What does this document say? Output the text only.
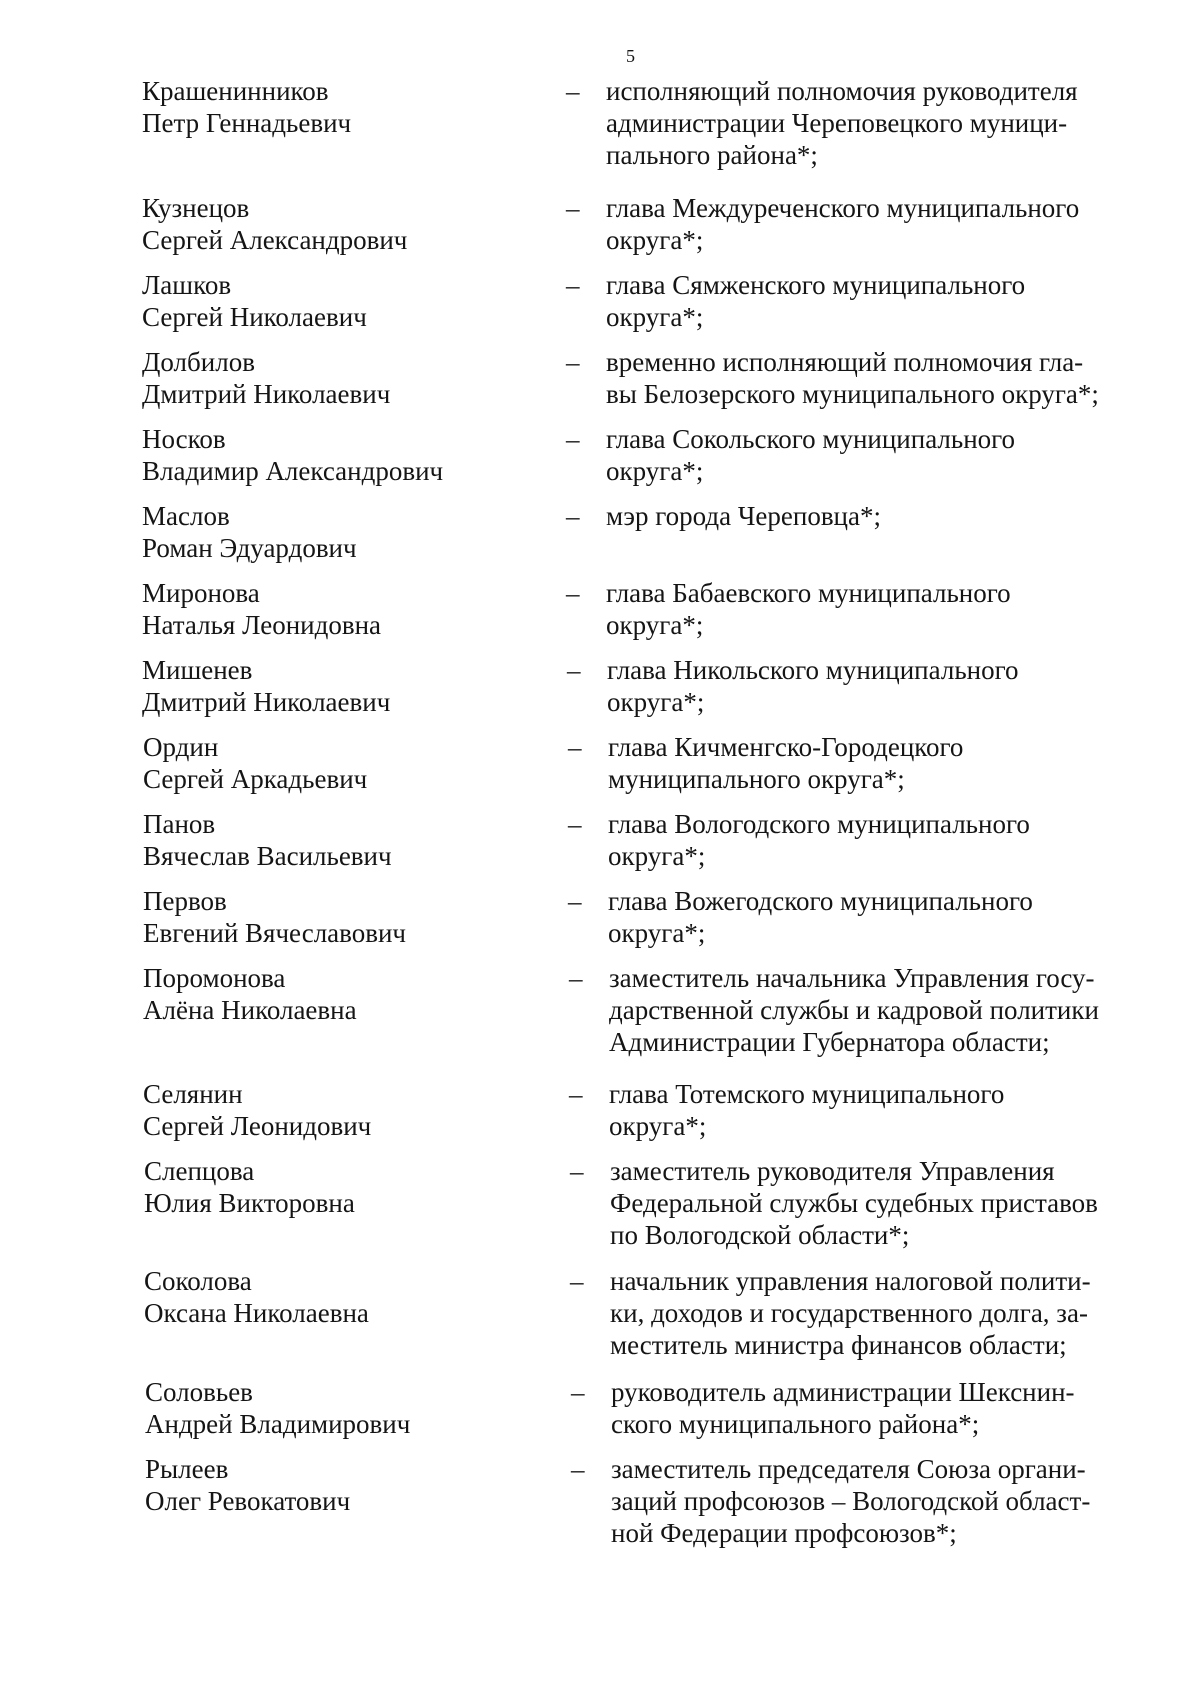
5
Крашенинников
Петр Геннадьевич
– исполняющий полномочия руководителя
администрации Череповецкого муници-
пального района*;
Кузнецов
Сергей Александрович
– глава Междуреченского муниципального
округа*;
Лашков
Сергей Николаевич
– глава Сямженского муниципального
округа*;
Долбилов
Дмитрий Николаевич
– временно исполняющий полномочия гла-
вы Белозерского муниципального округа*;
Носков
Владимир Александрович
– глава Сокольского муниципального
округа*;
Маслов
Роман Эдуардович
– мэр города Череповца*;
Миронова
Наталья Леонидовна
– глава Бабаевского муниципального
округа*;
Мишенев
Дмитрий Николаевич
– глава Никольского муниципального
округа*;
Ордин
Сергей Аркадьевич
– глава Кичменгско-Городецкого
муниципального округа*;
Панов
Вячеслав Васильевич
– глава Вологодского муниципального
округа*;
Первов
Евгений Вячеславович
– глава Вожегодского муниципального
округа*;
Поромонова
Алёна Николаевна
– заместитель начальника Управления госу-
дарственной службы и кадровой политики
Администрации Губернатора области;
Селянин
Сергей Леонидович
– глава Тотемского муниципального
округа*;
Слепцова
Юлия Викторовна
– заместитель руководителя Управления
Федеральной службы судебных приставов
по Вологодской области*;
Соколова
Оксана Николаевна
– начальник управления налоговой полити-
ки, доходов и государственного долга, за-
меститель министра финансов области;
Соловьев
Андрей Владимирович
– руководитель администрации Шекснин-
ского муниципального района*;
Рылеев
Олег Ревокатович
– заместитель председателя Союза органи-
заций профсоюзов – Вологодской област-
ной Федерации профсоюзов*;
